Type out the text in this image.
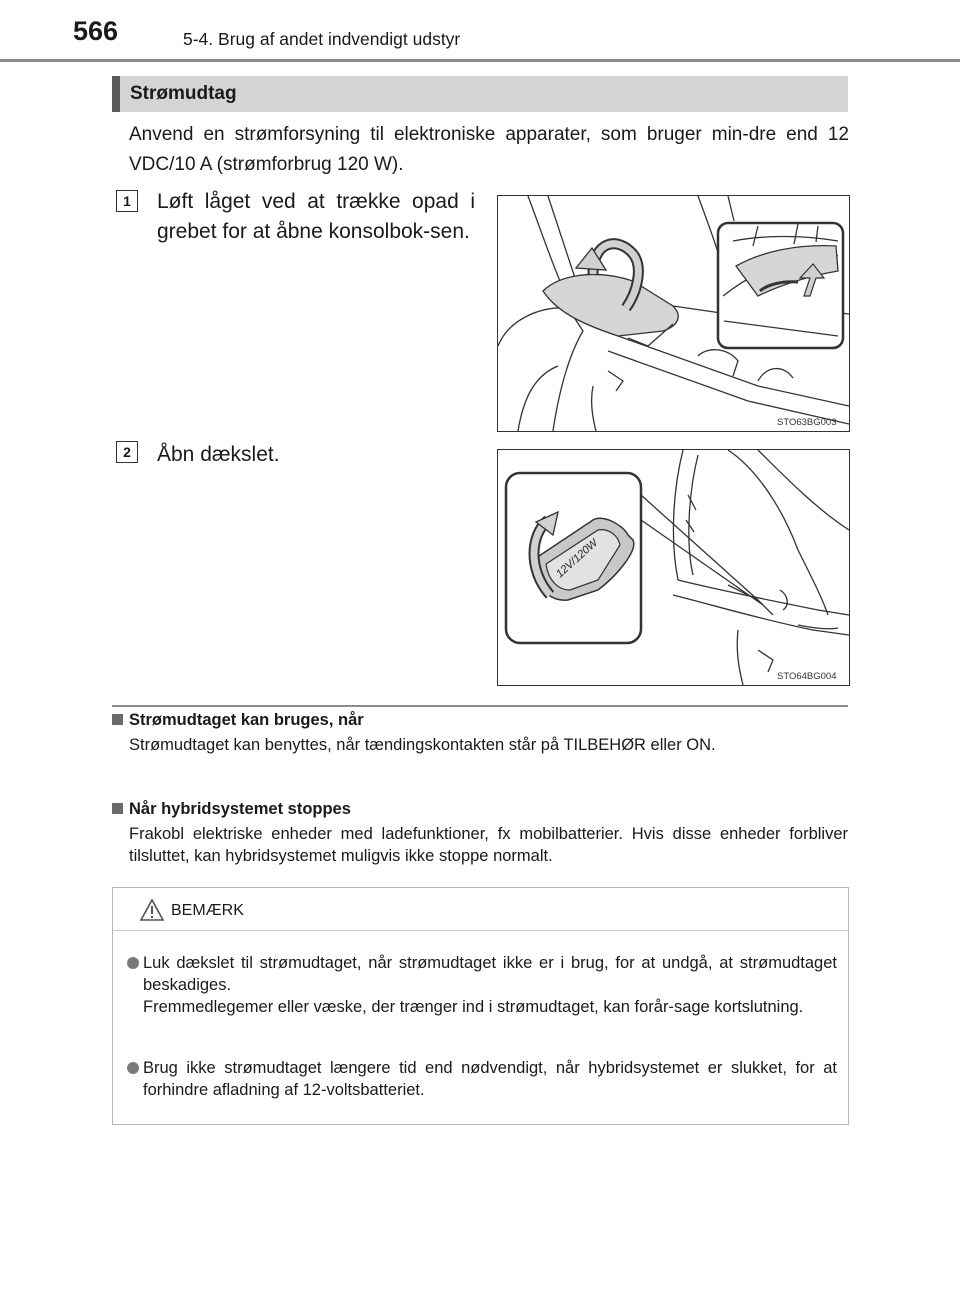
566	5-4. Brug af andet indvendigt udstyr
Strømudtag
Anvend en strømforsyning til elektroniske apparater, som bruger min-dre end 12 VDC/10 A (strømforbrug 120 W).
1	Løft låget ved at trække opad i grebet for at åbne konsolbok-sen.
STO63BG003
2	Åbn dækslet.
12V/120W
STO64BG004
Strømudtaget kan bruges, når
Strømudtaget kan benyttes, når tændingskontakten står på TILBEHØR eller ON.
Når hybridsystemet stoppes
Frakobl elektriske enheder med ladefunktioner, fx mobilbatterier. Hvis disse enheder forbliver tilsluttet, kan hybridsystemet muligvis ikke stoppe normalt.
BEMÆRK
Luk dækslet til strømudtaget, når strømudtaget ikke er i brug, for at undgå, at strømudtaget beskadiges.
Fremmedlegemer eller væske, der trænger ind i strømudtaget, kan forår-sage kortslutning.
Brug ikke strømudtaget længere tid end nødvendigt, når hybridsystemet er slukket, for at forhindre afladning af 12-voltsbatteriet.
